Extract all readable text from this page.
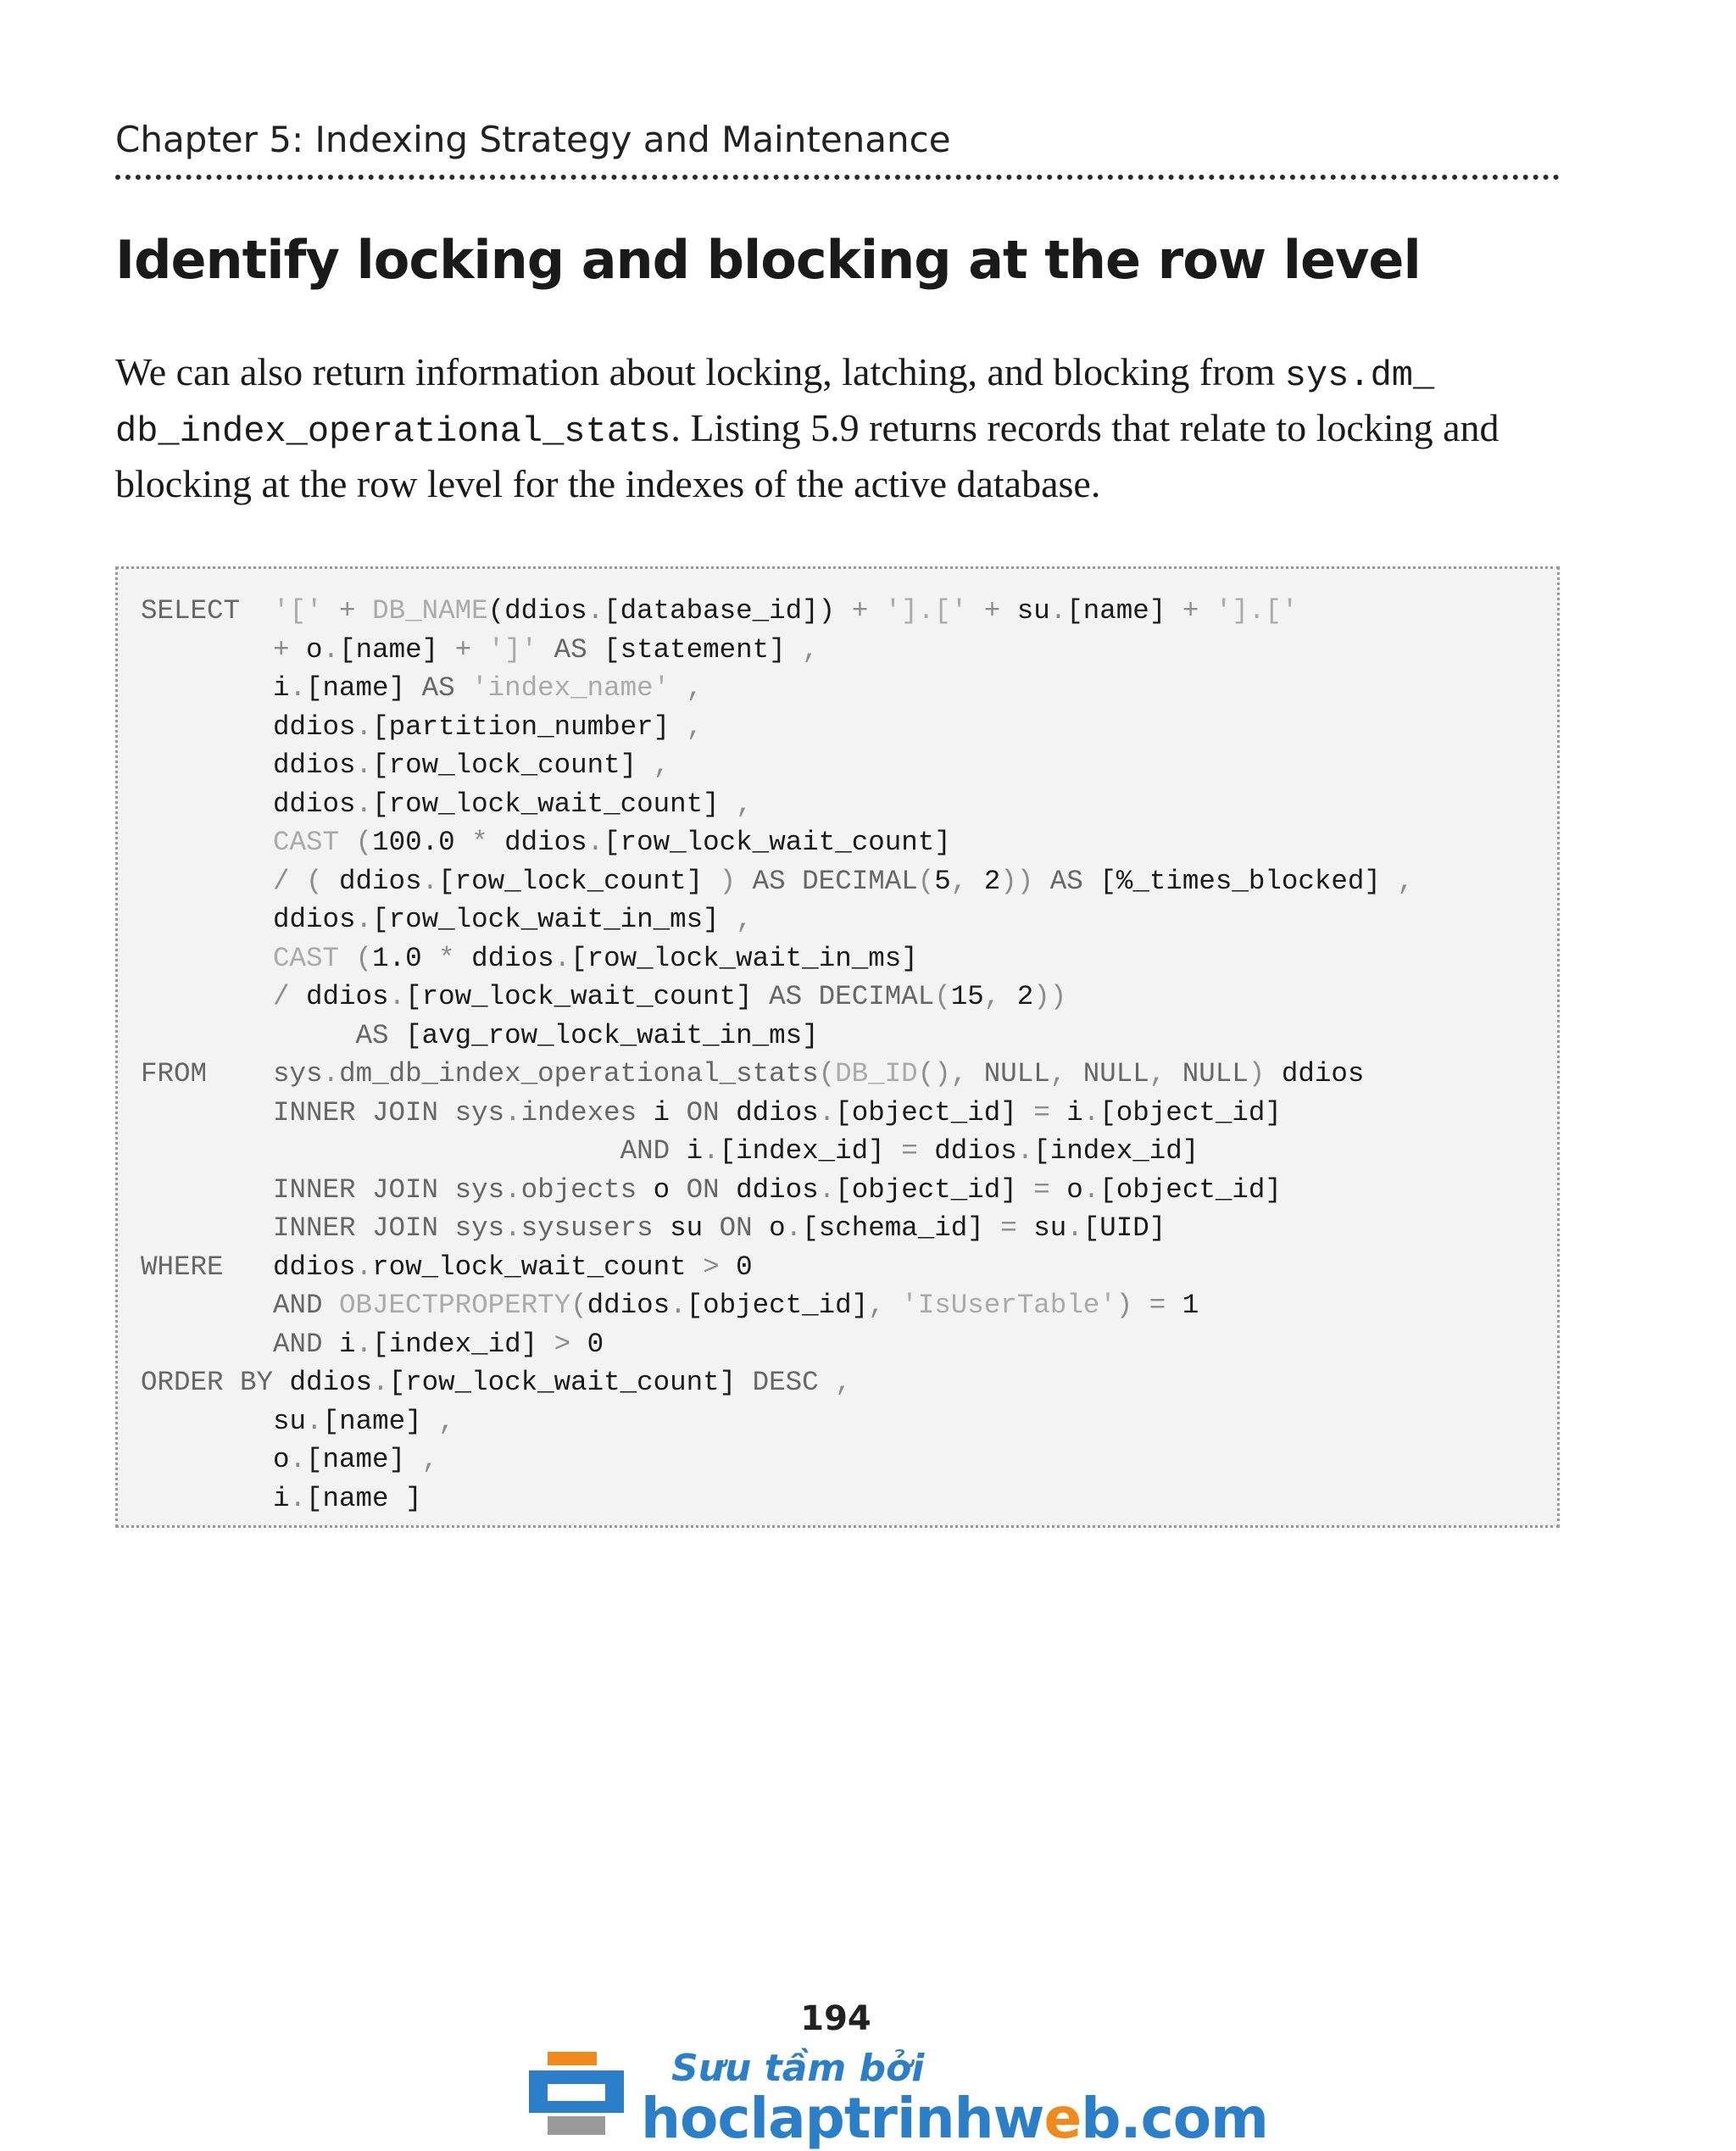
Chapter 5: Indexing Strategy and Maintenance
Identify locking and blocking at the row level

We can also return information about locking, latching, and blocking from sys.dm_
db_index_operational_stats. Listing 5.9 returns records that relate to locking and blocking at the row level for the indexes of the active database.

SELECT  '[' + DB_NAME(ddios.[database_id]) + '].[' + su.[name] + '].['
+ o.[name] + ']' AS [statement] ,
i.[name] AS 'index_name' ,
ddios.[partition_number] ,
ddios.[row_lock_count] ,
ddios.[row_lock_wait_count] ,
CAST (100.0 * ddios.[row_lock_wait_count]
/ ( ddios.[row_lock_count] ) AS DECIMAL(5, 2)) AS [%_times_blocked] ,
ddios.[row_lock_wait_in_ms] ,
CAST (1.0 * ddios.[row_lock_wait_in_ms]
/ ddios.[row_lock_wait_count] AS DECIMAL(15, 2))
AS [avg_row_lock_wait_in_ms]
FROM    sys.dm_db_index_operational_stats(DB_ID(), NULL, NULL, NULL) ddios
INNER JOIN sys.indexes i ON ddios.[object_id] = i.[object_id]
AND i.[index_id] = ddios.[index_id]
INNER JOIN sys.objects o ON ddios.[object_id] = o.[object_id]
INNER JOIN sys.sysusers su ON o.[schema_id] = su.[UID]
WHERE   ddios.row_lock_wait_count > 0
AND OBJECTPROPERTY(ddios.[object_id], 'IsUserTable') = 1
AND i.[index_id] > 0
ORDER BY ddios.[row_lock_wait_count] DESC ,
su.[name] ,
o.[name] ,
i.[name ]
194
Sưu tầm bởi
hoclaptrinhweb.com
